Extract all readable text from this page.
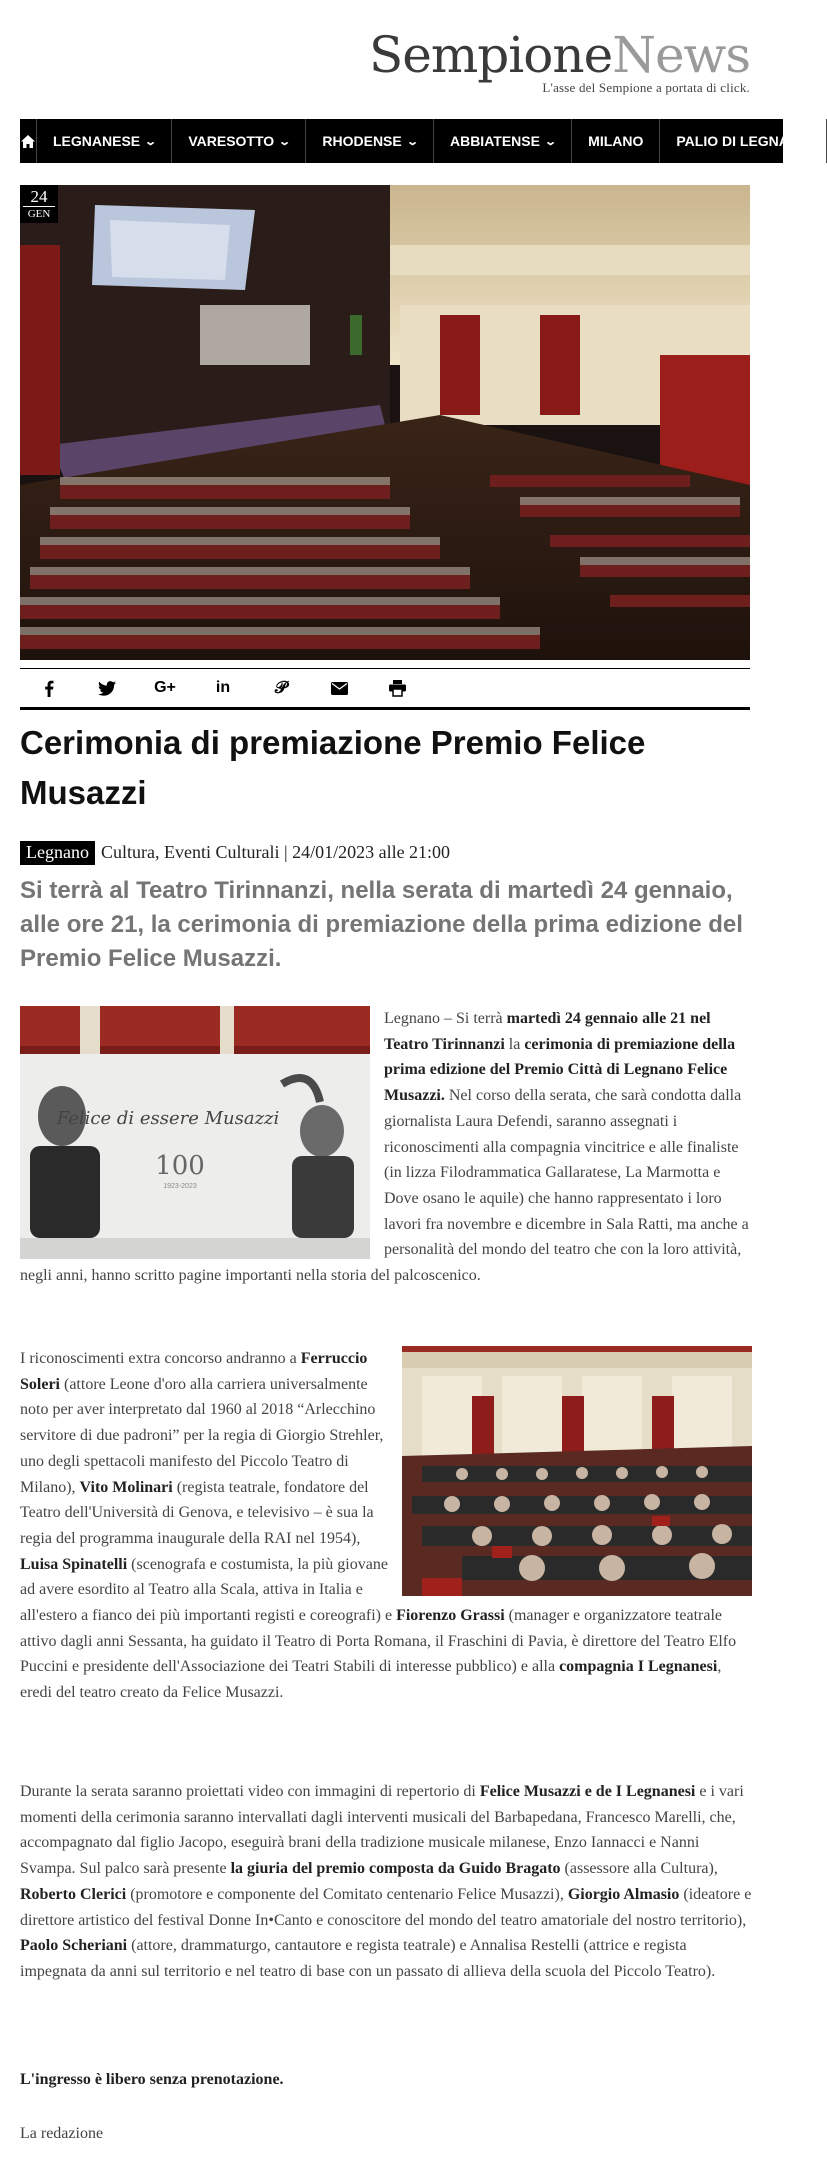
SempioneNews
L'asse del Sempione a portata di click.
LEGNANESE ⌄ VARESOTTO ⌄ RHODENSE ⌄ ABBIATENSE ⌄ MILANO PALIO DI LEGNANO
24
GEN
G+	in	𝒫
Cerimonia di premiazione Premio Felice Musazzi
Legnano Cultura, Eventi Culturali | 24/01/2023 alle 21:00

Si terrà al Teatro Tirinnanzi, nella serata di martedì 24 gennaio, alle ore 21, la cerimonia di premiazione della prima edizione del Premio Felice Musazzi.

Felice di essere Musazzi
100
1923-2023
Legnano – Si terrà martedì 24 gennaio alle 21 nel Teatro Tirinnanzi la cerimonia di premiazione della prima edizione del Premio Città di Legnano Felice Musazzi. Nel corso della serata, che sarà condotta dalla giornalista Laura Defendi, saranno assegnati i riconoscimenti alla compagnia vincitrice e alle finaliste (in lizza Filodrammatica Gallaratese, La Marmotta e Dove osano le aquile) che hanno rappresentato i loro lavori fra novembre e dicembre in Sala Ratti, ma anche a personalità del mondo del teatro che con la loro attività, negli anni, hanno scritto pagine importanti nella storia del palcoscenico.

I riconoscimenti extra concorso andranno a Ferruccio Soleri (attore Leone d'oro alla carriera universalmente noto per aver interpretato dal 1960 al 2018 “Arlecchino servitore di due padroni” per la regia di Giorgio Strehler, uno degli spettacoli manifesto del Piccolo Teatro di Milano), Vito Molinari (regista teatrale, fondatore del Teatro dell'Università di Genova, e televisivo – è sua la regia del programma inaugurale della RAI nel 1954), Luisa Spinatelli (scenografa e costumista, la più giovane ad avere esordito al Teatro alla Scala, attiva in Italia e all'estero a fianco dei più importanti registi e coreografi) e Fiorenzo Grassi (manager e organizzatore teatrale attivo dagli anni Sessanta, ha guidato il Teatro di Porta Romana, il Fraschini di Pavia, è direttore del Teatro Elfo Puccini e presidente dell'Associazione dei Teatri Stabili di interesse pubblico) e alla compagnia I Legnanesi, eredi del teatro creato da Felice Musazzi.

Durante la serata saranno proiettati video con immagini di repertorio di Felice Musazzi e de I Legnanesi e i vari momenti della cerimonia saranno intervallati dagli interventi musicali del Barbapedana, Francesco Marelli, che, accompagnato dal figlio Jacopo, eseguirà brani della tradizione musicale milanese, Enzo Iannacci e Nanni Svampa. Sul palco sarà presente la giuria del premio composta da Guido Bragato (assessore alla Cultura), Roberto Clerici (promotore e componente del Comitato centenario Felice Musazzi), Giorgio Almasio (ideatore e direttore artistico del festival Donne In•Canto e conoscitore del mondo del teatro amatoriale del nostro territorio), Paolo Scheriani (attore, drammaturgo, cantautore e regista teatrale) e Annalisa Restelli (attrice e regista impegnata da anni sul territorio e nel teatro di base con un passato di allieva della scuola del Piccolo Teatro).

L'ingresso è libero senza prenotazione.

La redazione
